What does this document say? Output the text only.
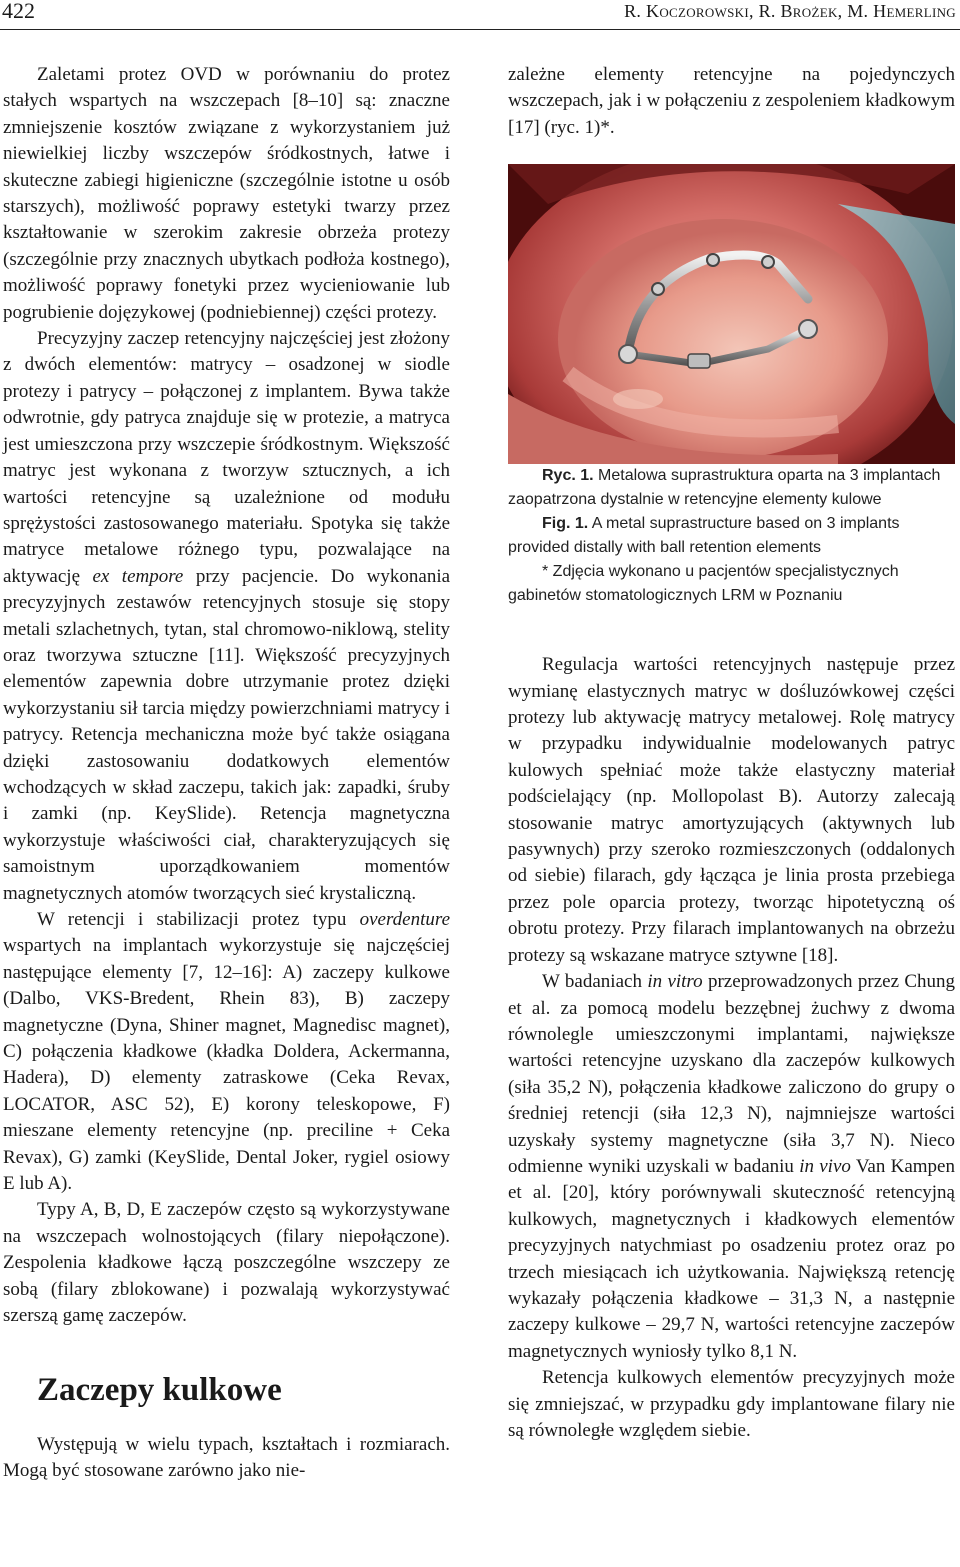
422	R. Koczorowski, R. Brożek, M. Hemerling

Zaletami protez OVD w porównaniu do protez stałych wspartych na wszczepach [8–10] są: znaczne zmniejszenie kosztów związane z wykorzystaniem już niewielkiej liczby wszczepów śródkostnych, łatwe i skuteczne zabiegi higieniczne (szczególnie istotne u osób starszych), możliwość poprawy estetyki twarzy przez kształtowanie w szerokim zakresie obrzeża protezy (szczególnie przy znacznych ubytkach podłoża kostnego), możliwość poprawy fonetyki przez wycieniowanie lub pogrubienie dojęzykowej (podniebiennej) części protezy.

Precyzyjny zaczep retencyjny najczęściej jest złożony z dwóch elementów: matrycy – osadzonej w siodle protezy i patrycy – połączonej z implantem. Bywa także odwrotnie, gdy patryca znajduje się w protezie, a matryca jest umieszczona przy wszczepie śródkostnym. Większość matryc jest wykonana z tworzyw sztucznych, a ich wartości retencyjne są uzależnione od modułu sprężystości zastosowanego materiału. Spotyka się także matryce metalowe różnego typu, pozwalające na aktywację ex tempore przy pacjencie. Do wykonania precyzyjnych zestawów retencyjnych stosuje się stopy metali szlachetnych, tytan, stal chromowo-niklową, stelity oraz tworzywa sztuczne [11]. Większość precyzyjnych elementów zapewnia dobre utrzymanie protez dzięki wykorzystaniu sił tarcia między powierzchniami matrycy i patrycy. Retencja mechaniczna może być także osiągana dzięki zastosowaniu dodatkowych elementów wchodzących w skład zaczepu, takich jak: zapadki, śruby i zamki (np. KeySlide). Retencja magnetyczna wykorzystuje właściwości ciał, charakteryzujących się samoistnym uporządkowaniem momentów magnetycznych atomów tworzących sieć krystaliczną.

W retencji i stabilizacji protez typu overdenture wspartych na implantach wykorzystuje się najczęściej następujące elementy [7, 12–16]: A) zaczepy kulkowe (Dalbo, VKS-Bredent, Rhein 83), B) zaczepy magnetyczne (Dyna, Shiner magnet, Magnedisc magnet), C) połączenia kładkowe (kładka Doldera, Ackermanna, Hadera), D) elementy zatraskowe (Ceka Revax, LOCATOR, ASC 52), E) korony teleskopowe, F) mieszane elementy retencyjne (np. preciline + Ceka Revax), G) zamki (KeySlide, Dental Joker, rygiel osiowy E lub A).

Typy A, B, D, E zaczepów często są wykorzystywane na wszczepach wolnostojących (filary niepołączone). Zespolenia kładkowe łączą poszczególne wszczepy ze sobą (filary zblokowane) i pozwalają wykorzystywać szerszą gamę zaczepów.

Zaczepy kulkowe

Występują w wielu typach, kształtach i rozmiarach. Mogą być stosowane zarówno jako nie-

zależne elementy retencyjne na pojedynczych wszczepach, jak i w połączeniu z zespoleniem kładkowym [17] (ryc. 1)*.

Ryc. 1. Metalowa suprastruktura oparta na 3 implantach zaopatrzona dystalnie w retencyjne elementy kulowe

Fig. 1. A metal suprastructure based on 3 implants provided distally with ball retention elements

* Zdjęcia wykonano u pacjentów specjalistycznych gabinetów stomatologicznych LRM w Poznaniu

Regulacja wartości retencyjnych następuje przez wymianę elastycznych matryc w dośluzówkowej części protezy lub aktywację matrycy metalowej. Rolę matrycy w przypadku indywidualnie modelowanych patryc kulowych spełniać może także elastyczny materiał podścielający (np. Mollopolast B). Autorzy zalecają stosowanie matryc amortyzujących (aktywnych lub pasywnych) przy szeroko rozmieszczonych (oddalonych od siebie) filarach, gdy łącząca je linia prosta przebiega przez pole oparcia protezy, tworząc hipotetyczną oś obrotu protezy. Przy filarach implantowanych na obrzeżu protezy są wskazane matryce sztywne [18].

W badaniach in vitro przeprowadzonych przez Chung et al. za pomocą modelu bezzębnej żuchwy z dwoma równolegle umieszczonymi implantami, największe wartości retencyjne uzyskano dla zaczepów kulkowych (siła 35,2 N), połączenia kładkowe zaliczono do grupy o średniej retencji (siła 12,3 N), najmniejsze wartości uzyskały systemy magnetyczne (siła 3,7 N). Nieco odmienne wyniki uzyskali w badaniu in vivo Van Kampen et al. [20], który porównywali skuteczność retencyjną kulkowych, magnetycznych i kładkowych elementów precyzyjnych natychmiast po osadzeniu protez oraz po trzech miesiącach ich użytkowania. Największą retencję wykazały połączenia kładkowe – 31,3 N, a następnie zaczepy kulkowe – 29,7 N, wartości retencyjne zaczepów magnetycznych wyniosły tylko 8,1 N.

Retencja kulkowych elementów precyzyjnych może się zmniejszać, w przypadku gdy implantowane filary nie są równoległe względem siebie.
